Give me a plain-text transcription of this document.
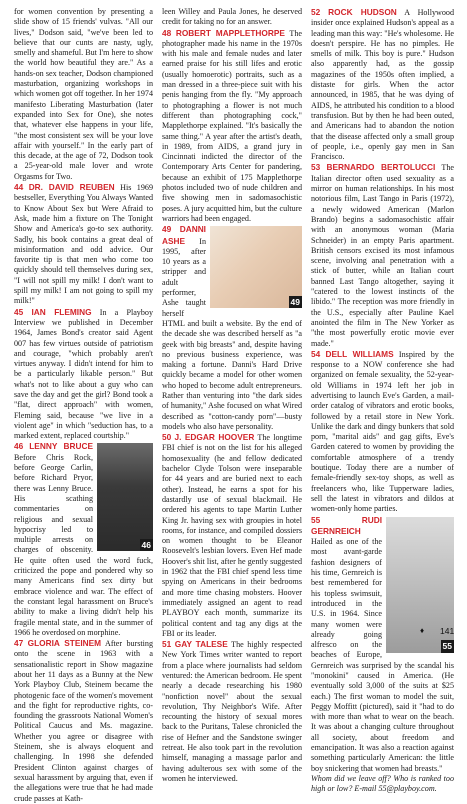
for women convention by presenting a slide show of 15 friends' vulvas. "All our lives," Dodson said, "we've been led to believe that our cunts are nasty, ugly, smelly and shameful. But I'm here to show the world how beautiful they are." As a hands-on sex teacher, Dodson championed masturbation, organizing workshops in which women got off together. In her 1974 manifesto Liberating Masturbation (later expanded into Sex for One), she notes that, whatever else happens in your life, "the most consistent sex will be your love affair with yourself." In the early part of this decade, at the age of 72, Dodson took a 25-year-old male lover and wrote Orgasms for Two.

44 DR. DAVID REUBEN His 1969 bestseller, Everything You Always Wanted to Know About Sex but Were Afraid to Ask, made him a fixture on The Tonight Show and America's go-to sex authority. Sadly, his book contains a great deal of misinformation and odd advice. Our favorite tip is that men who come too quickly should tell themselves during sex, "I will not spill my milk! I don't want to spill my milk! I am not going to spill my milk!"

45 IAN FLEMING In a Playboy Interview we published in December 1964, James Bond's creator said Agent 007 has few virtues outside of patriotism and courage, "which probably aren't virtues anyway. I didn't intend for him to be a particularly likable person." But what's not to like about a guy who can save the day and get the girl? Bond took a "flat, direct approach" with women, Fleming said, because "we live in a violent age" in which "seduction has, to a marked extent, replaced courtship."

46

46 LENNY BRUCE Before Chris Rock, before George Carlin, before Richard Pryor, there was Lenny Bruce. His scathing commentaries on religious and sexual hypocrisy led to multiple arrests on charges of obscenity. He quite often used the word fuck, criticized the pope and pondered why so many Americans find sex dirty but embrace violence and war. The effect of the constant legal harassment on Bruce's ability to make a living didn't help his fragile mental state, and in the summer of 1966 he overdosed on morphine.

47 GLORIA STEINEM After bursting onto the scene in 1963 with a sensationalistic report in Show magazine about her 11 days as a Bunny at the New York Playboy Club, Steinem became the photogenic face of the women's movement and the fight for reproductive rights, co-founding the grassroots National Women's Political Caucus and Ms. magazine. Whether you agree or disagree with Steinem, she is always eloquent and challenging. In 1998 she defended President Clinton against charges of sexual harassment by arguing that, even if the allegations were true that he had made crude passes at Kath-

leen Willey and Paula Jones, he deserved credit for taking no for an answer.

48 ROBERT MAPPLETHORPE The photographer made his name in the 1970s with his male and female nudes and later earned praise for his still lifes and erotic (usually homoerotic) portraits, such as a man dressed in a three-piece suit with his penis hanging from the fly. "My approach to photographing a flower is not much different than photographing cock," Mapplethorpe explained. "It's basically the same thing." A year after the artist's death, in 1989, from AIDS, a grand jury in Cincinnati indicted the director of the Contemporary Arts Center for pandering, because an exhibit of 175 Mapplethorpe photos included two of nude children and five showing men in sadomasochistic poses. A jury acquitted him, but the culture warriors had been engaged.

49

49 DANNI ASHE In 1995, after 10 years as a stripper and adult performer, Ashe taught herself HTML and built a website. By the end of the decade she was described herself as "a geek with big breasts" and, despite having no previous business experience, was making a fortune. Danni's Hard Drive quickly became a model for other women who hoped to become adult entrepreneurs. Rather than venturing into "the dark sides of humanity," Ashe focused on what Wired described as "cotton-candy porn"—busty models who also have personality.

50 J. EDGAR HOOVER The longtime FBI chief is not on the list for his alleged homosexuality (he and fellow dedicated bachelor Clyde Tolson were inseparable for 44 years and are buried next to each other). Instead, he earns a spot for his dastardly use of sexual blackmail. He ordered his agents to tape Martin Luther King Jr. having sex with groupies in hotel rooms, for instance, and compiled dossiers on women thought to be Eleanor Roosevelt's lesbian lovers. Even Hef made Hoover's shit list, after he gently suggested in 1962 that the FBI chief spend less time spying on Americans in their bedrooms and more time chasing mobsters. Hoover immediately assigned an agent to read PLAYBOY each month, summarize its political content and tag any digs at the FBI or its leader.

51 GAY TALESE The highly respected New York Times writer wanted to report from a place where journalists had seldom ventured: the American bedroom. He spent nearly a decade researching his 1980 "nonfiction novel" about the sexual revolution, Thy Neighbor's Wife. After recounting the history of sexual mores back to the Puritans, Talese chronicled the rise of Hefner and the Sandstone swinger retreat. He also took part in the revolution himself, managing a massage parlor and having adulterous sex with some of the women he interviewed.

52 ROCK HUDSON A Hollywood insider once explained Hudson's appeal as a leading man this way: "He's wholesome. He doesn't perspire. He has no pimples. He smells of milk. This boy is pure." Hudson also apparently had, as the gossip magazines of the 1950s often implied, a distaste for girls. When the actor announced, in 1985, that he was dying of AIDS, he attributed his condition to a blood transfusion. But by then he had been outed, and Americans had to abandon the notion that the disease affected only a small group of people, i.e., openly gay men in San Francisco.

53 BERNARDO BERTOLUCCI The Italian director often used sexuality as a mirror on human relationships. In his most notorious film, Last Tango in Paris (1972), a newly widowed American (Marlon Brando) begins a sadomasochistic affair with an anonymous woman (Maria Schneider) in an empty Paris apartment. British censors excised its most infamous scene, involving anal penetration with a stick of butter, while an Italian court banned Last Tango altogether, saying it "catered to the lowest instincts of the libido." The reception was more friendly in the U.S., especially after Pauline Kael anointed the film in The New Yorker as "the most powerfully erotic movie ever made."

54 DELL WILLIAMS Inspired by the response to a NOW conference she had organized on female sexuality, the 52-year-old Williams in 1974 left her job in advertising to launch Eve's Garden, a mail-order catalog of vibrators and erotic books, followed by a retail store in New York. Unlike the dark and dingy bunkers that sold porn, "marital aids" and gag gifts, Eve's Garden catered to women by providing the comfortable atmosphere of a trendy boutique. Today there are a number of female-friendly sex-toy shops, as well as freelancers who, like Tupperware ladies, sell the latest in vibrators and dildos at women-only home parties.

55

55	RUDI GERNREICH Hailed as one of the most avant-garde fashion designers of his time, Gernreich is best remembered for his topless swimsuit, introduced in the U.S. in 1964. Since many women were already going alfresco on the beaches of Europe, Gernreich was surprised by the scandal his "monokini" caused in America. (He eventually sold 3,000 of the suits at $25 each.) The first woman to model the suit, Peggy Moffitt (pictured), said it "had to do with more than what to wear on the beach. It was about a changing culture throughout all society, about freedom and emancipation. It was also a reaction against something particularly American: the little boy snickering that women had breasts."

Whom did we leave off? Who is ranked too high or low? E-mail 55@playboy.com.

♦ 141
